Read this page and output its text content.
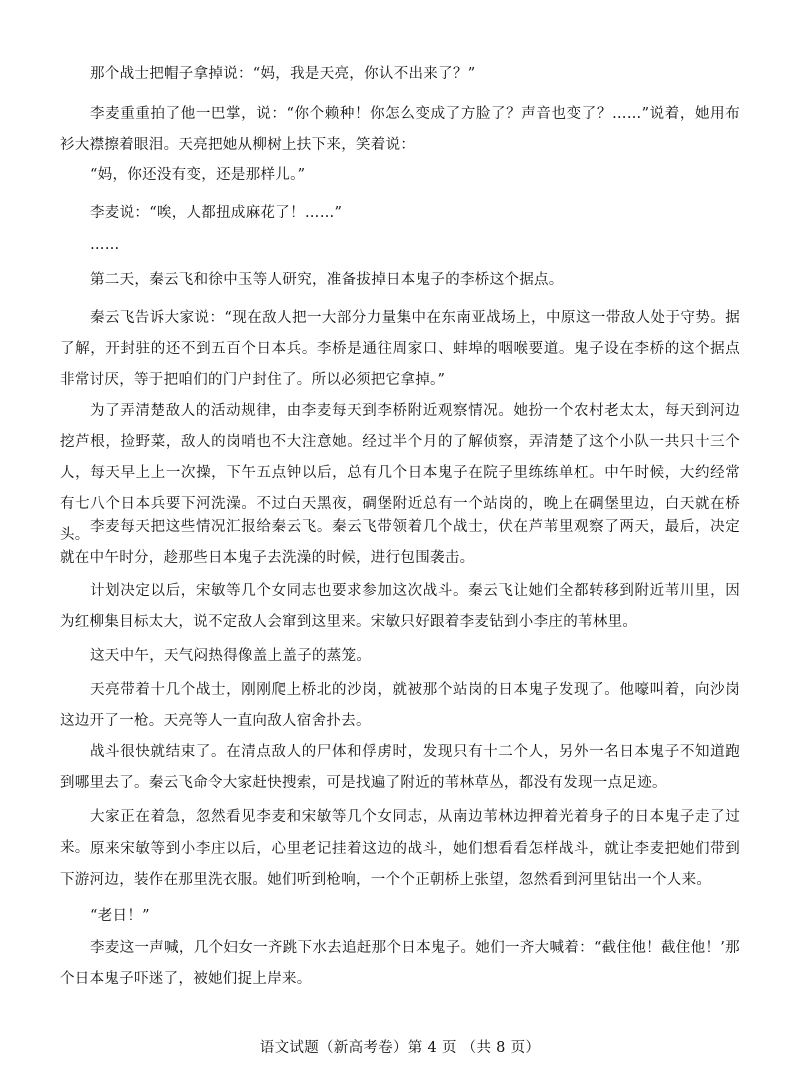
那个战士把帽子拿掉说：“妈，我是天亮，你认不出来了？”

李麦重重拍了他一巴掌，说：“你个赖种！你怎么变成了方脸了？声音也变了？……”说着，她用布衫大襟擦着眼泪。天亮把她从柳树上扶下来，笑着说：

“妈，你还没有变，还是那样儿。”

李麦说：“唉，人都扭成麻花了！……”

……

第二天，秦云飞和徐中玉等人研究，准备拔掉日本鬼子的李桥这个据点。

秦云飞告诉大家说：“现在敌人把一大部分力量集中在东南亚战场上，中原这一带敌人处于守势。据了解，开封驻的还不到五百个日本兵。李桥是通往周家口、蚌埠的咽喉要道。鬼子设在李桥的这个据点非常讨厌，等于把咱们的门户封住了。所以必须把它拿掉。”

为了弄清楚敌人的活动规律，由李麦每天到李桥附近观察情况。她扮一个农村老太太，每天到河边挖芦根，捡野菜，敌人的岗哨也不大注意她。经过半个月的了解侦察，弄清楚了这个小队一共只十三个人，每天早上上一次操，下午五点钟以后，总有几个日本鬼子在院子里练练单杠。中午时候，大约经常有七八个日本兵要下河洗澡。不过白天黑夜，碉堡附近总有一个站岗的，晚上在碉堡里边，白天就在桥头。 李麦每天把这些情况汇报给秦云飞。秦云飞带领着几个战士，伏在芦苇里观察了两天，最后，决定就在中午时分，趁那些日本鬼子去洗澡的时候，进行包围袭击。

计划决定以后，宋敏等几个女同志也要求参加这次战斗。秦云飞让她们全都转移到附近苇川里，因为红柳集目标太大，说不定敌人会窜到这里来。宋敏只好跟着李麦钻到小李庄的苇林里。

这天中午，天气闷热得像盖上盖子的蒸笼。

天亮带着十几个战士，刚刚爬上桥北的沙岗，就被那个站岗的日本鬼子发现了。他嚎叫着，向沙岗这边开了一枪。天亮等人一直向敌人宿舍扑去。

战斗很快就结束了。在清点敌人的尸体和俘虏时，发现只有十二个人，另外一名日本鬼子不知道跑到哪里去了。秦云飞命令大家赶快搜索，可是找遍了附近的苇林草丛，都没有发现一点足迹。

大家正在着急，忽然看见李麦和宋敏等几个女同志，从南边苇林边押着光着身子的日本鬼子走了过来。 原来宋敏等到小李庄以后，心里老记挂着这边的战斗，她们想看看怎样战斗，就让李麦把她们带到下游河边，装作在那里洗衣服。她们听到枪响，一个个正朝桥上张望，忽然看到河里钻出一个人来。

“老日！”

李麦这一声喊，几个妇女一齐跳下水去追赶那个日本鬼子。她们一齐大喊着：“截住他！截住他！’那个日本鬼子吓迷了，被她们捉上岸来。

语文试题（新高考卷）第 4 页 （共 8 页）
